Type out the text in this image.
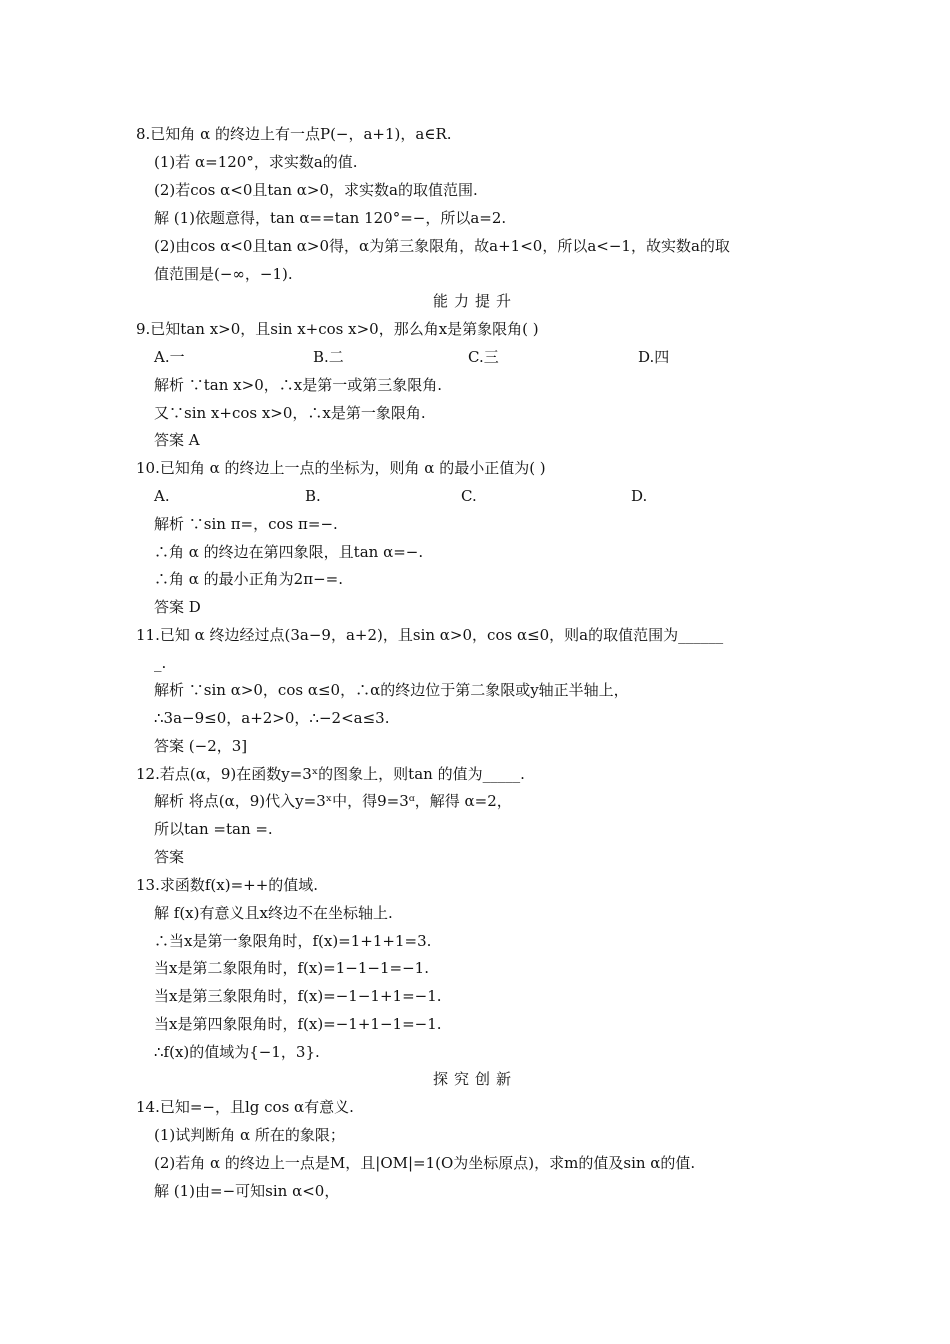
8.已知角 α 的终边上有一点P(−，a+1)，a∈R.
(1)若 α=120°，求实数a的值.
(2)若cos α<0且tan α>0，求实数a的取值范围.
解 (1)依题意得，tan α==tan 120°=−，所以a=2.
(2)由cos α<0且tan α>0得，α为第三象限角，故a+1<0，所以a<−1，故实数a的取
值范围是(−∞，−1).
能力提升
9.已知tan x>0，且sin x+cos x>0，那么角x是第象限角( )
A.一	B.二	C.三	D.四
解析 ∵tan x>0，∴x是第一或第三象限角.
又∵sin x+cos x>0，∴x是第一象限角.
答案 A
10.已知角 α 的终边上一点的坐标为，则角 α 的最小正值为( )
A.	B.	C.	D.
解析 ∵sin π=，cos π=−.
∴角 α 的终边在第四象限，且tan α=−.
∴角 α 的最小正角为2π−=.
答案 D
11.已知 α 终边经过点(3a−9，a+2)，且sin α>0，cos α≤0，则a的取值范围为______
_.
解析 ∵sin α>0，cos α≤0，∴α的终边位于第二象限或y轴正半轴上，
∴3a−9≤0，a+2>0，∴−2<a≤3.
答案 (−2，3]
12.若点(α，9)在函数y=3ˣ的图象上，则tan 的值为_____.
解析 将点(α，9)代入y=3ˣ中，得9=3ᵅ，解得 α=2，
所以tan =tan =.
答案
13.求函数f(x)=++的值域.
解 f(x)有意义且x终边不在坐标轴上.
∴当x是第一象限角时，f(x)=1+1+1=3.
当x是第二象限角时，f(x)=1−1−1=−1.
当x是第三象限角时，f(x)=−1−1+1=−1.
当x是第四象限角时，f(x)=−1+1−1=−1.
∴f(x)的值域为{−1，3}.
探究创新
14.已知=−，且lg cos α有意义.
(1)试判断角 α 所在的象限；
(2)若角 α 的终边上一点是M，且|OM|=1(O为坐标原点)，求m的值及sin α的值.
解 (1)由=−可知sin α<0，
